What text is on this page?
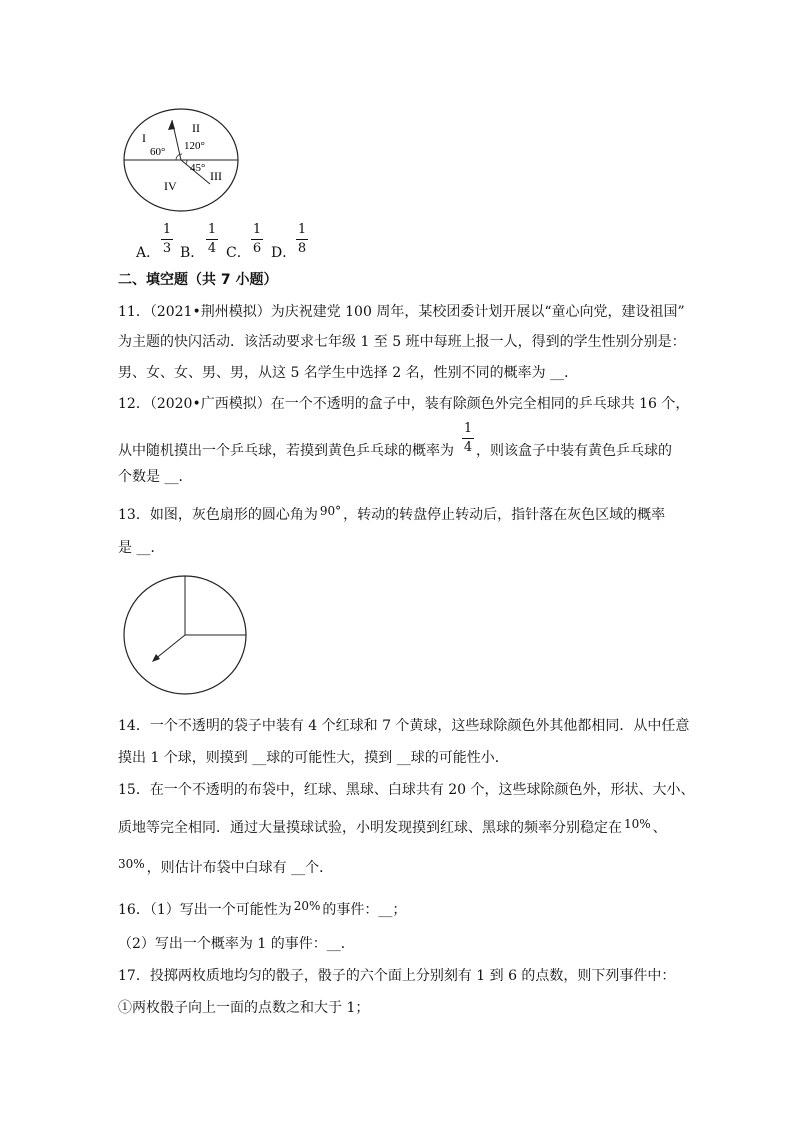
I
II
III
IV
60° 120°
45°
A．
1
3 B．
1
4 C．
1
6 D．
1
8
二、填空题（共 7 小题）
11．（2021•荆州模拟）为庆祝建党 100 周年，某校团委计划开展以“童心向党，建设祖国”
为主题的快闪活动．该活动要求七年级 1 至 5 班中每班上报一人，得到的学生性别分别是：
男、女、女、男、男，从这 5 名学生中选择 2 名，性别不同的概率为 __．
12．（2020•广西模拟）在一个不透明的盒子中，装有除颜色外完全相同的乒乓球共 16 个，
从中随机摸出一个乒乓球，若摸到黄色乒乓球的概率为 ，则该盒子中装有黄色乒乓球的
1
4
个数是 __．
13．如图，灰色扇形的圆心角为 90° ，转动的转盘停止转动后，指针落在灰色区域的概率
是 __．
14．一个不透明的袋子中装有 4 个红球和 7 个黄球，这些球除颜色外其他都相同．从中任意
摸出 1 个球，则摸到 __球的可能性大，摸到 __球的可能性小．
15．在一个不透明的布袋中，红球、黑球、白球共有 20 个，这些球除颜色外，形状、大小、
质地等完全相同．通过大量摸球试验，小明发现摸到红球、黑球的频率分别稳定在 10% 、
30% ，则估计布袋中白球有 __个．
16．（1）写出一个可能性为 20% 的事件：__；
（2）写出一个概率为 1 的事件：__．
17．投掷两枚质地均匀的骰子，骰子的六个面上分别刻有 1 到 6 的点数，则下列事件中：
①两枚骰子向上一面的点数之和大于 1；
